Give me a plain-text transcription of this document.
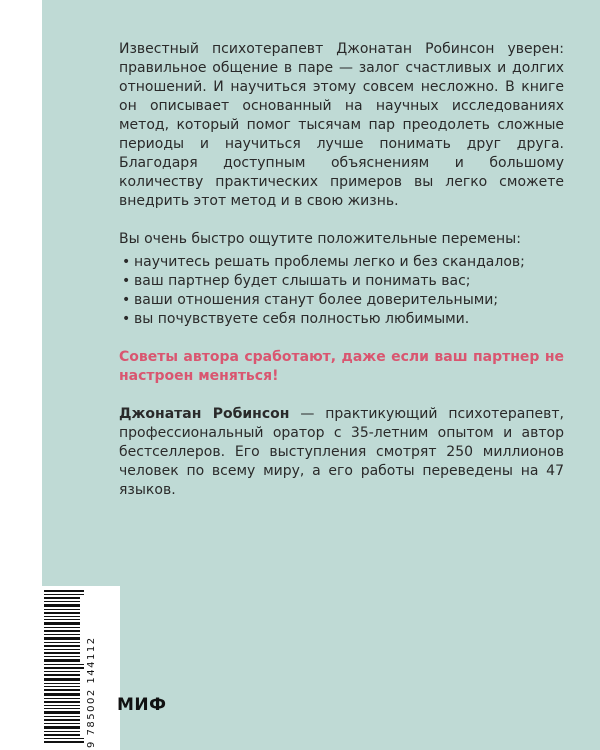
Известный психотерапевт Джонатан Робинсон уверен: правильное общение в паре — залог счастливых и долгих отношений. И научиться этому совсем несложно. В книге он описывает основанный на научных исследованиях метод, который помог тысячам пар преодолеть сложные периоды и научиться лучше понимать друг друга. Благодаря доступным объяснениям и большому количеству практических примеров вы легко сможете внедрить этот метод и в свою жизнь.

Вы очень быстро ощутите положительные перемены:

• научитесь решать проблемы легко и без скандалов;
• ваш партнер будет слышать и понимать вас;
• ваши отношения станут более доверительными;
• вы почувствуете себя полностью любимыми.

Советы автора сработают, даже если ваш партнер не настроен меняться!

Джонатан Робинсон — практикующий психотерапевт, профессиональный оратор с 35-летним опытом и автор бестселлеров. Его выступления смотрят 250 миллионов человек по всему миру, а его работы переведены на 47 языков.

9 785002 144112 МИФ
